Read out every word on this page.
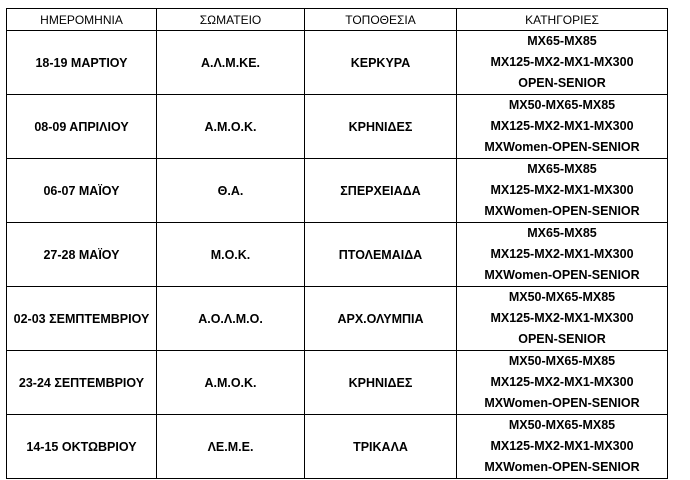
ΗΜΕΡΟΜΗΝΙΑ	ΣΩΜΑΤΕΙΟ	ΤΟΠΟΘΕΣΙΑ	ΚΑΤΗΓΟΡΙΕΣ
18-19 ΜΑΡΤΙΟΥ	Α.Λ.Μ.ΚΕ.	ΚΕΡΚΥΡΑ	MX65-MX85
MX125-MX2-MX1-MX300
OPEN-SENIOR

08-09 ΑΠΡΙΛΙΟΥ	Α.Μ.Ο.Κ.	ΚΡΗΝΙΔΕΣ	MX50-MX65-MX85
MX125-MX2-MX1-MX300
MXWomen-OPEN-SENIOR

06-07 ΜΑΪΟΥ	Θ.Α.	ΣΠΕΡΧΕΙΑΔΑ	MX65-MX85
MX125-MX2-MX1-MX300
MXWomen-OPEN-SENIOR

27-28 ΜΑΪΟΥ	Μ.Ο.Κ.	ΠΤΟΛΕΜΑΙΔΑ	MX65-MX85
MX125-MX2-MX1-MX300
MXWomen-OPEN-SENIOR

02-03 ΣΕΜΠΤΕΜΒΡΙΟΥ	Α.Ο.Λ.Μ.Ο.	ΑΡΧ.ΟΛΥΜΠΙΑ	MX50-MX65-MX85
MX125-MX2-MX1-MX300
OPEN-SENIOR

23-24 ΣΕΠΤΕΜΒΡΙΟΥ	Α.Μ.Ο.Κ.	ΚΡΗΝΙΔΕΣ	MX50-MX65-MX85
MX125-MX2-MX1-MX300
MXWomen-OPEN-SENIOR

14-15 ΟΚΤΩΒΡΙΟΥ	ΛΕ.Μ.Ε.	ΤΡΙΚΑΛΑ	MX50-MX65-MX85
MX125-MX2-MX1-MX300
MXWomen-OPEN-SENIOR
